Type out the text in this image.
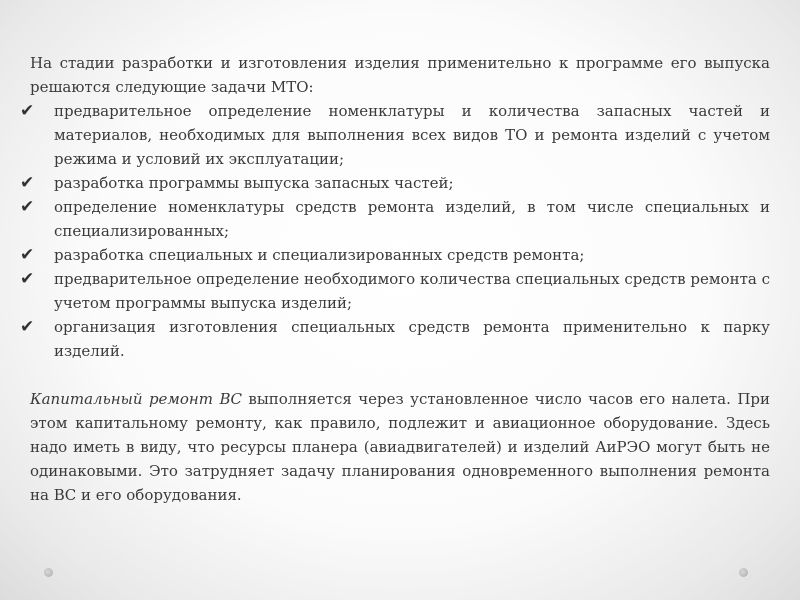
На стадии разработки и изготовления изделия применительно к программе его выпуска решаются следующие задачи МТО:

✔ предварительное определение номенклатуры и количества запасных частей и материалов, необходимых для выполнения всех видов ТО и ремонта изделий с учетом режима и условий их эксплуатации;
✔ разработка программы выпуска запасных частей;
✔ определение номенклатуры средств ремонта изделий, в том числе специальных и специализированных;
✔ разработка специальных и специализированных средств ремонта;
✔ предварительное определение необходимого количества специальных средств ремонта с учетом программы выпуска изделий;
✔ организация изготовления специальных средств ремонта применительно к парку изделий.

Капитальный ремонт ВС выполняется через установленное число часов его налета. При этом капитальному ремонту, как правило, подлежит и авиационное оборудование. Здесь надо иметь в виду, что ресурсы планера (авиадвигателей) и изделий АиРЭО могут быть не одинаковыми. Это затрудняет задачу планирования одновременного выполнения ремонта на ВС и его оборудования.
